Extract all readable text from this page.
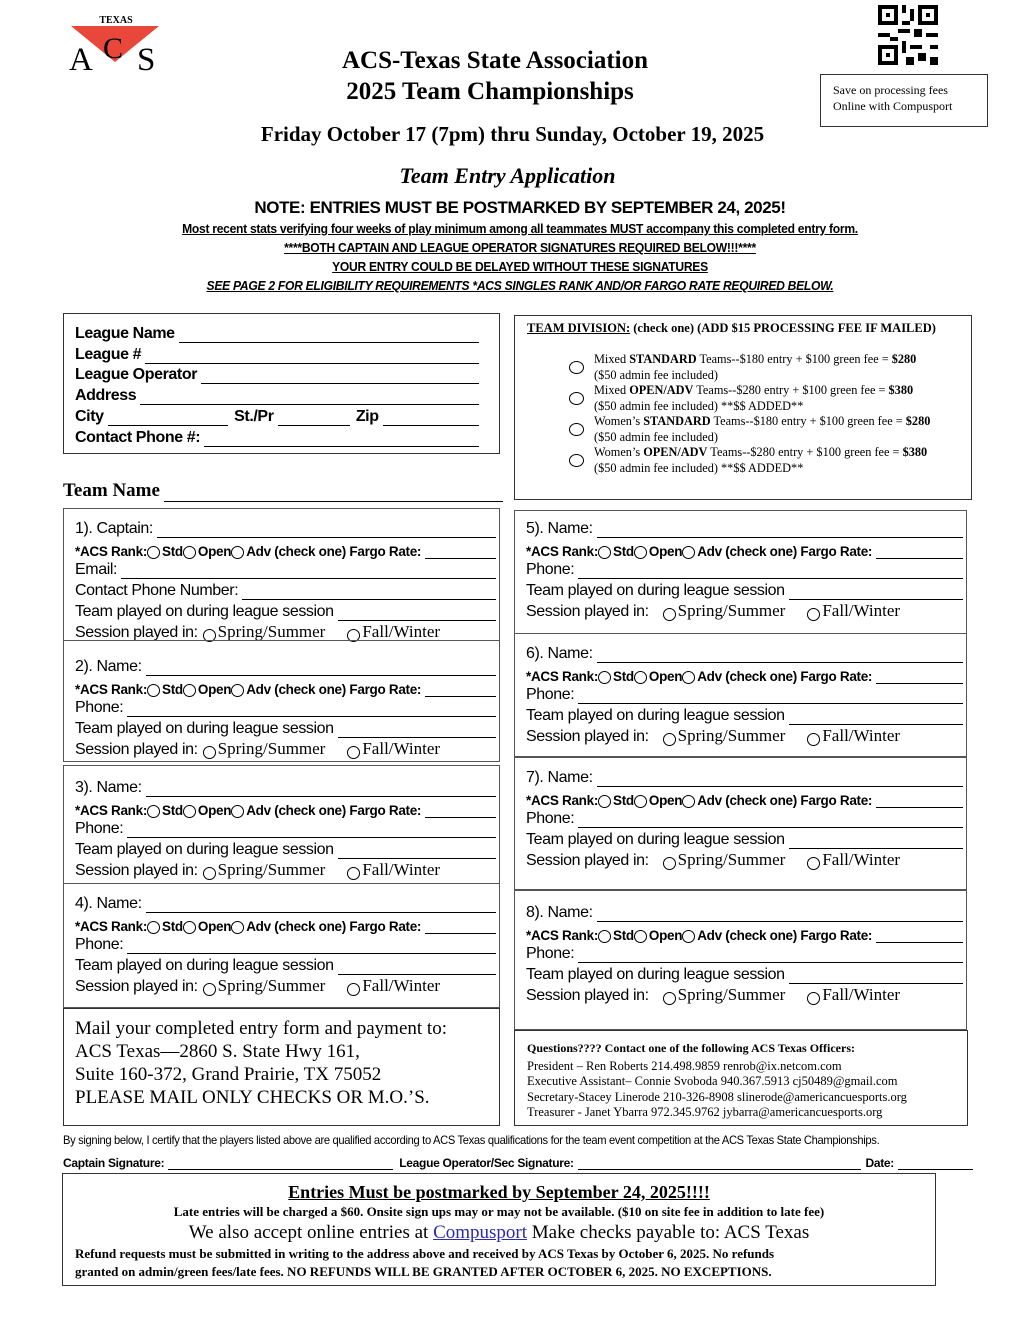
TEXAS
A C S
Save on processing fees
Online with Compusport
ACS-Texas State Association
2025 Team Championships
Friday October 17 (7pm) thru Sunday, October 19, 2025
Team Entry Application
NOTE: ENTRIES MUST BE POSTMARKED BY SEPTEMBER 24, 2025!
Most recent stats verifying four weeks of play minimum among all teammates MUST accompany this completed entry form.
****BOTH CAPTAIN AND LEAGUE OPERATOR SIGNATURES REQUIRED BELOW!!!****
YOUR ENTRY COULD BE DELAYED WITHOUT THESE SIGNATURES
SEE PAGE 2 FOR ELIGIBILITY REQUIREMENTS *ACS SINGLES RANK AND/OR FARGO RATE REQUIRED BELOW.
League Name
League #
League Operator
Address
City	St./Pr	Zip
Contact Phone #:
Team Name
TEAM DIVISION: (check one) (ADD $15 PROCESSING FEE IF MAILED)
Mixed STANDARD Teams--$180 entry + $100 green fee = $280
($50 admin fee included)
Mixed OPEN/ADV Teams--$280 entry + $100 green fee = $380
($50 admin fee included) **$$ ADDED**
Women’s STANDARD Teams--$180 entry + $100 green fee = $280
($50 admin fee included)
Women’s OPEN/ADV Teams--$280 entry + $100 green fee = $380
($50 admin fee included) **$$ ADDED**
1). Captain:
*ACS Rank: Std Open Adv (check one) Fargo Rate:
Email:
Contact Phone Number:
Team played on during league session
Session played in: Spring/Summer Fall/Winter
2). Name:
*ACS Rank: Std Open Adv (check one) Fargo Rate:
Phone:
Team played on during league session
Session played in: Spring/Summer Fall/Winter
3). Name:
*ACS Rank: Std Open Adv (check one) Fargo Rate:
Phone:
Team played on during league session
Session played in: Spring/Summer Fall/Winter
4). Name:
*ACS Rank: Std Open Adv (check one) Fargo Rate:
Phone:
Team played on during league session
Session played in: Spring/Summer Fall/Winter
5). Name:
*ACS Rank: Std Open Adv (check one) Fargo Rate:
Phone:
Team played on during league session
Session played in: Spring/Summer Fall/Winter
6). Name:
*ACS Rank: Std Open Adv (check one) Fargo Rate:
Phone:
Team played on during league session
Session played in: Spring/Summer Fall/Winter
7). Name:
*ACS Rank: Std Open Adv (check one) Fargo Rate:
Phone:
Team played on during league session
Session played in: Spring/Summer Fall/Winter
8). Name:
*ACS Rank: Std Open Adv (check one) Fargo Rate:
Phone:
Team played on during league session
Session played in: Spring/Summer Fall/Winter
Mail your completed entry form and payment to:
ACS Texas—2860 S. State Hwy 161,
Suite 160-372, Grand Prairie, TX 75052
PLEASE MAIL ONLY CHECKS OR M.O.’S.
Questions???? Contact one of the following ACS Texas Officers:
President – Ren Roberts 214.498.9859 renrob@ix.netcom.com
Executive Assistant– Connie Svoboda 940.367.5913 cj50489@gmail.com
Secretary-Stacey Linerode 210-326-8908 slinerode@americancuesports.org
Treasurer - Janet Ybarra 972.345.9762 jybarra@americancuesports.org
By signing below, I certify that the players listed above are qualified according to ACS Texas qualifications for the team event competition at the ACS Texas State Championships.
Captain Signature:	League Operator/Sec Signature:	Date:
Entries Must be postmarked by September 24, 2025!!!!
Late entries will be charged a $60. Onsite sign ups may or may not be available. ($10 on site fee in addition to late fee)
We also accept online entries at Compusport Make checks payable to: ACS Texas
Refund requests must be submitted in writing to the address above and received by ACS Texas by October 6, 2025. No refunds
granted on admin/green fees/late fees. NO REFUNDS WILL BE GRANTED AFTER OCTOBER 6, 2025. NO EXCEPTIONS.
